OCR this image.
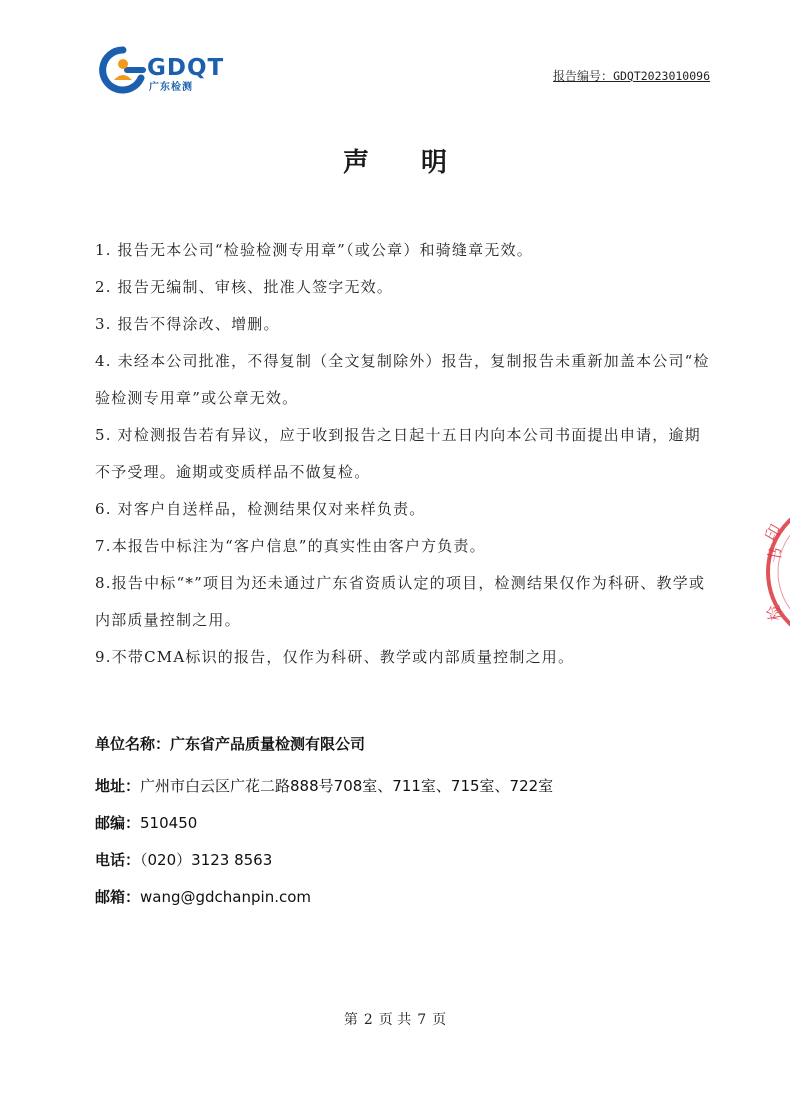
GDQT
广东检测
报告编号：GDQT2023010096
声明

1. 报告无本公司“检验检测专用章”（或公章）和骑缝章无效。

2. 报告无编制、审核、批准人签字无效。

3. 报告不得涂改、增删。

4. 未经本公司批准，不得复制（全文复制除外）报告，复制报告未重新加盖本公司“检验检测专用章”或公章无效。

5. 对检测报告若有异议，应于收到报告之日起十五日内向本公司书面提出申请，逾期不予受理。逾期或变质样品不做复检。

6. 对客户自送样品，检测结果仅对来样负责。

7.本报告中标注为“客户信息”的真实性由客户方负责。

8.报告中标“*”项目为还未通过广东省资质认定的项目，检测结果仅作为科研、教学或内部质量控制之用。

9.不带CMA标识的报告，仅作为科研、教学或内部质量控制之用。

单位名称：广东省产品质量检测有限公司

地址：广州市白云区广花二路888号708室、711室、715室、722室

邮编：510450

电话：（020）3123 8563

邮箱：wang@gdchanpin.com

印
书
检
第 2 页 共 7 页
